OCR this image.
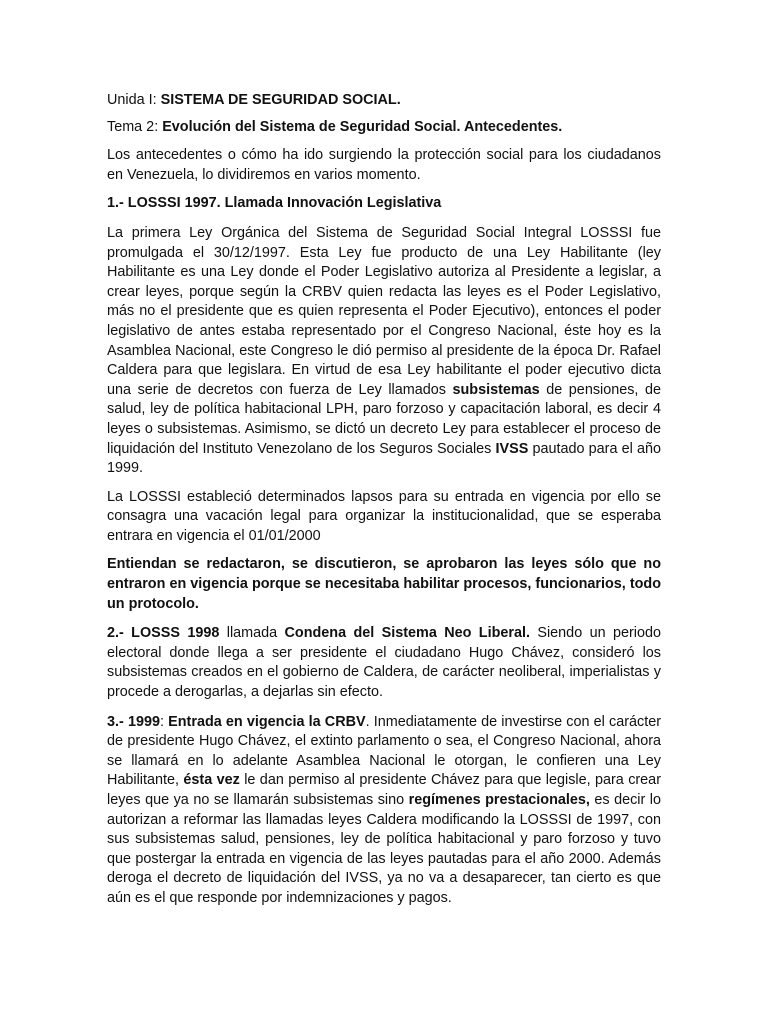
Unida I: SISTEMA DE SEGURIDAD SOCIAL.

Tema 2: Evolución del Sistema de Seguridad Social. Antecedentes.

Los antecedentes o cómo ha ido surgiendo la protección social para los ciudadanos en Venezuela, lo dividiremos en varios momento.

1.- LOSSSI 1997. Llamada Innovación Legislativa

La primera Ley Orgánica del Sistema de Seguridad Social Integral LOSSSI fue promulgada el 30/12/1997. Esta Ley fue producto de una Ley Habilitante (ley Habilitante es una Ley donde el Poder Legislativo autoriza al Presidente a legislar, a crear leyes, porque según la CRBV quien redacta las leyes es el Poder Legislativo, más no el presidente que es quien representa el Poder Ejecutivo), entonces el poder legislativo de antes estaba representado por el Congreso Nacional, éste hoy es la Asamblea Nacional, este Congreso le dió permiso al presidente de la época Dr. Rafael Caldera para que legislara. En virtud de esa Ley habilitante el poder ejecutivo dicta una serie de decretos con fuerza de Ley llamados subsistemas de pensiones, de salud, ley de política habitacional LPH, paro forzoso y capacitación laboral, es decir 4 leyes o subsistemas. Asimismo, se dictó un decreto Ley para establecer el proceso de liquidación del Instituto Venezolano de los Seguros Sociales IVSS pautado para el año 1999.

La LOSSSI estableció determinados lapsos para su entrada en vigencia por ello se consagra una vacación legal para organizar la institucionalidad, que se esperaba entrara en vigencia el 01/01/2000

Entiendan se redactaron, se discutieron, se aprobaron las leyes sólo que no entraron en vigencia porque se necesitaba habilitar procesos, funcionarios, todo un protocolo.

2.- LOSSS 1998 llamada Condena del Sistema Neo Liberal. Siendo un periodo electoral donde llega a ser presidente el ciudadano Hugo Chávez, consideró los subsistemas creados en el gobierno de Caldera, de carácter neoliberal, imperialistas y procede a derogarlas, a dejarlas sin efecto.

3.- 1999: Entrada en vigencia la CRBV. Inmediatamente de investirse con el carácter de presidente Hugo Chávez, el extinto parlamento o sea, el Congreso Nacional, ahora se llamará en lo adelante Asamblea Nacional le otorgan, le confieren una Ley Habilitante, ésta vez le dan permiso al presidente Chávez para que legisle, para crear leyes que ya no se llamarán subsistemas sino regímenes prestacionales, es decir lo autorizan a reformar las llamadas leyes Caldera modificando la LOSSSI de 1997, con sus subsistemas salud, pensiones, ley de política habitacional y paro forzoso y tuvo que postergar la entrada en vigencia de las leyes pautadas para el año 2000. Además deroga el decreto de liquidación del IVSS, ya no va a desaparecer, tan cierto es que aún es el que responde por indemnizaciones y pagos.
